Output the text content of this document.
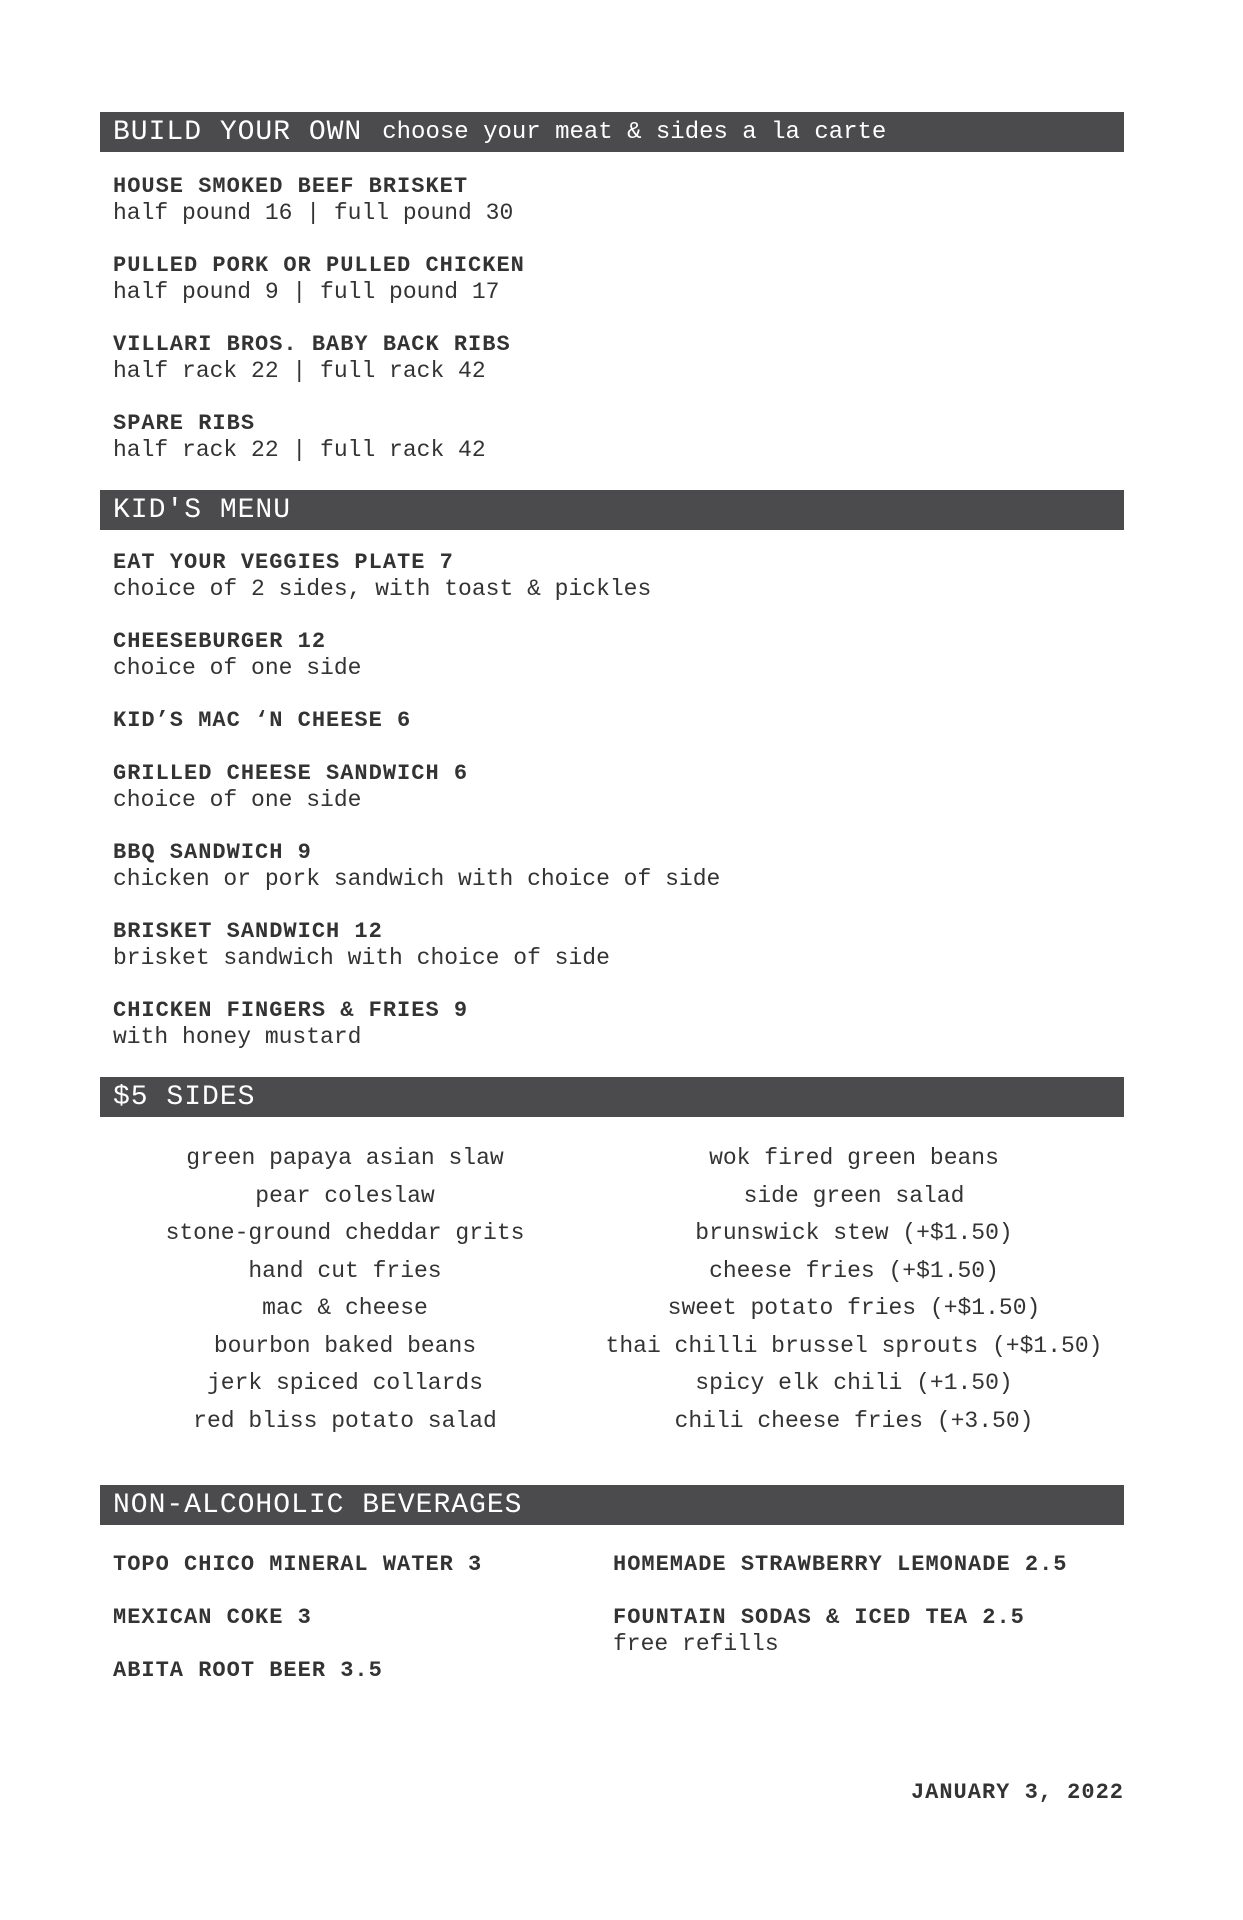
BUILD YOUR OWN choose your meat & sides a la carte
HOUSE SMOKED BEEF BRISKET
half pound 16 | full pound 30
PULLED PORK OR PULLED CHICKEN
half pound 9 | full pound 17
VILLARI BROS. BABY BACK RIBS
half rack 22 | full rack 42
SPARE RIBS
half rack 22 | full rack 42
KID'S MENU
EAT YOUR VEGGIES PLATE 7
choice of 2 sides, with toast & pickles
CHEESEBURGER 12
choice of one side
KID’S MAC ‘N CHEESE 6
GRILLED CHEESE SANDWICH 6
choice of one side
BBQ SANDWICH 9
chicken or pork sandwich with choice of side
BRISKET SANDWICH 12
brisket sandwich with choice of side
CHICKEN FINGERS & FRIES 9
with honey mustard
$5 SIDES
green papaya asian slaw
pear coleslaw
stone-ground cheddar grits
hand cut fries
mac & cheese
bourbon baked beans
jerk spiced collards
red bliss potato salad
wok fired green beans
side green salad
brunswick stew (+$1.50)
cheese fries (+$1.50)
sweet potato fries (+$1.50)
thai chilli brussel sprouts (+$1.50)
spicy elk chili (+1.50)
chili cheese fries (+3.50)
NON-ALCOHOLIC BEVERAGES
TOPO CHICO MINERAL WATER 3
MEXICAN COKE 3
ABITA ROOT BEER 3.5
HOMEMADE STRAWBERRY LEMONADE 2.5
FOUNTAIN SODAS & ICED TEA 2.5
free refills
JANUARY 3, 2022
